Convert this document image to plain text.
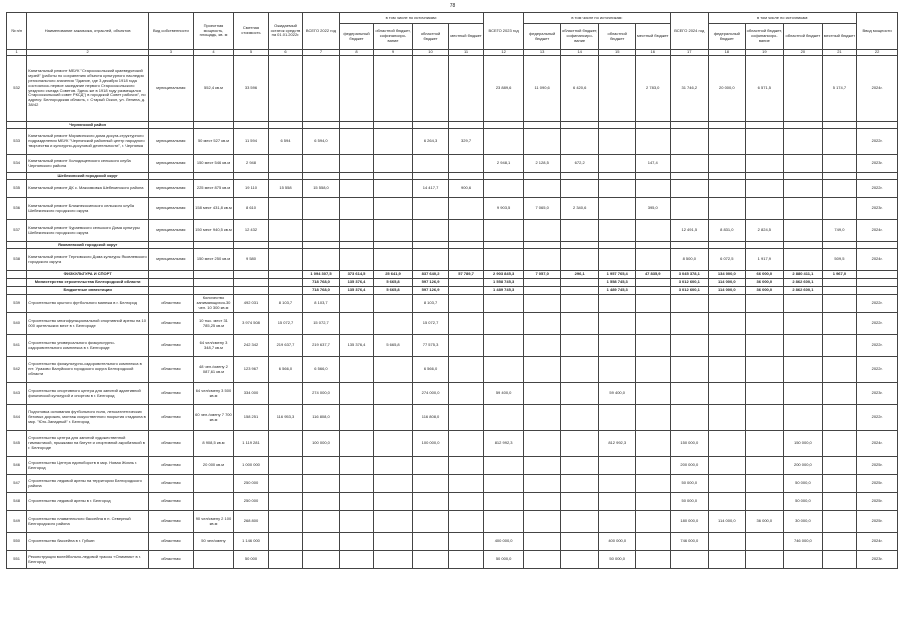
78
№ п/п	Наименование заказчика, отраслей, объектов	Вид собственности	Проектная мощность, площадь, кв. м	Сметная стоимость	Ожидаемый остаток средств на 01.01.2022г.	ВСЕГО 2022 год	в том числе по источникам:				ВСЕГО 2023 год	в том числе по источникам:				ВСЕГО 2024 год	в том числе по источникам:				Ввод мощности
							федеральный бюджет	областной бюджет, софинансиро-вание	областной бюджет	местный бюджет		федеральный бюджет	областной бюджет, софинансиро-вание	областной бюджет	местный бюджет		федеральный бюджет	областной бюджет, софинансиро-вание	областной бюджет	местный бюджет	
1	2	3	4	5	6	7	8	9	10	11	12	13	14	15	16	17	18	19	20	21	22
532	Капитальный ремонт МБУК "Старооскольский краеведческий музей" (работы по сохранению объекта культурного наследия регионального значения "Здание, где 3 декабря 1918 года состоялось первое заседание первого Старооскольского уездного съезда Советов. Здесь же в 1918 году размещался Старооскольский совет РКСД") в городской Совет рабочих", по адресу: Белгородская область, г. Старый Оскол, ул. Ленина, д. 38/42	муниципальная	552,4 кв.м	33 596							23 889,6	11 090,6	6 420,6		2 783,0	31 746,2	20 000,0	6 571,5		5 174,7	2024г.
	Чернянский район																				
533	Капитальный ремонт Морквинского дома досуга-структурного подразделения МБУК "Чернянский районный центр народного творчества и культурно-досуговой деятельности", г. Чернянка	муниципальная	50 мест 527 кв.м	11 594	6 594	6 594,0			6 264,3	329,7											2022г.
534	Капитальный ремонт Холодищенского сельского клуба Чернянского района	муниципальная	150 мест 546 кв.м	2 948							2 948,1	2 128,5	672,2		147,4						2023г.
	Шебекинский городской округ																				
535	Капитальный ремонт ДК с. Максимовка Шебекинского района	муниципальная	225 мест 875 кв.м	19 110	15 558	15 558,0			14 417,7	900,6											2022г.
536	Капитальный ремонт Ближнекосинского сельского клуба Шебекинского городского округа	муниципальная	158 мест 431,8 кв.м	8 610							9 903,5	7 065,0	2 340,6		395,0						2023г.
537	Капитальный ремонт Чураевского сельского Дома культуры Шебекинского городского округа	муниципальная	150 мест 940,5 кв.м	12 432												12 491,5	8 831,0	2 824,5		749,0	2024г.
	Яковлевский городской округ																				
538	Капитальный ремонт Терновского Дома культуры Яковлевского городского округа	муниципальная	150 мест 250 кв.м	9 580												8 500,0	6 072,5	1 917,9		509,5	2024г.
	ФИЗКУЛЬТУРА И СПОРТ					1 094 307,5	373 614,5	25 641,9	837 640,2	57 789,7	2 903 845,3	7 057,0	296,1	1 957 765,4	47 835,9	3 045 378,1	134 000,0	66 000,0	2 880 411,1	1 967,0	
	Министерство строительства Белгородской области					718 768,0	135 376,4	5 665,8	597 126,9		1 558 745,3			1 558 745,3		3 012 600,1	114 000,0	36 000,0	2 862 600,1		
	Бюджетные инвестиции					718 768,0	135 376,4	5 665,8	597 126,9		1 489 745,3			1 489 745,3		3 012 600,1	114 000,0	36 000,0	2 862 600,1		
539	Строительство крытого футбольного манежа в г. Белгород	областная	Количество занимающихся-30 чел. 10 300 кв.м	492 031	8 103,7	8 103,7			8 103,7												2022г.
540	Строительство многофункциональной спортивной арены на 10 000 зрительских мест в г. Белгороде	областная	10 тыс. мест 31 785,25 кв.м	3 974 508	15 072,7	15 072,7			15 072,7												2022г.
541	Строительство универсального физкультурно-оздоровительного комплекса в г. Белгороде	областная	64 чел/смену 3 348,7 кв.м	242 342	219 637,7	219 637,7	135 376,4	5 665,8	77 575,3												2022г.
542	Строительство физкультурно-оздоровительного комплекса в пгт. Уразово Валуйского городского округа Белгородской области	областная	48 чел./смену 2 087,61 кв.м	123 967	6 566,0	6 566,0			6 566,0												2022г.
543	Строительство спортивного центра для занятий адаптивной физической культурой и спортом в г. Белгород	областная	64 чел/смену 3 500 кв.м	334 000		274 000,0			274 000,0		59 400,0			59 400,0							2023г.
544	Подготовка основания футбольного поля, легкоатлетических беговых дорожек, монтаж искусственного покрытия стадиона в мкр. "Юго-Западный" г. Белгород	областная	60 чел./смену 7 700 кв.м	158 251	116 953,3	116 808,0			116 808,0												2022г.
545	Строительство центра для занятий художественной гимнастикой, прыжками на батуте и спортивной акробатикой в г. Белгороде	областная	8 908,5 кв.м	1 119 281		100 000,0			100 000,0		812 992,3			812 992,3		150 000,0			150 000,0		2024г.
546	Строительство Центра единоборств в мкр. Новая Жизнь г. Белгород	областная	20 000 кв.м	1 000 000												200 000,0			200 000,0		2025г.
547	Строительство ледовой арены на территории Белгородского района	областная		250 000												50 000,0			50 000,0		2025г.
548	Строительство ледовой арены в г. Белгород	областная		250 000												50 000,0			50 000,0		2025г.
549	Строительство плавательного бассейна в п. Северный Белгородского района	областная	90 чел/смену 2 100 кв.м	268 800												180 000,0	114 000,0	36 000,0	30 000,0		2025г.
550	Строительство бассейна в г. Губкин	областная	50 чел/смену	1 146 000							400 000,0			400 000,0		746 000,0			746 000,0		2024г.
551	Реконструкция волейбольно-ледовой трассы «Олимпик» в г. Белгород	областная		50 000							50 000,0			50 000,0							2023г.
